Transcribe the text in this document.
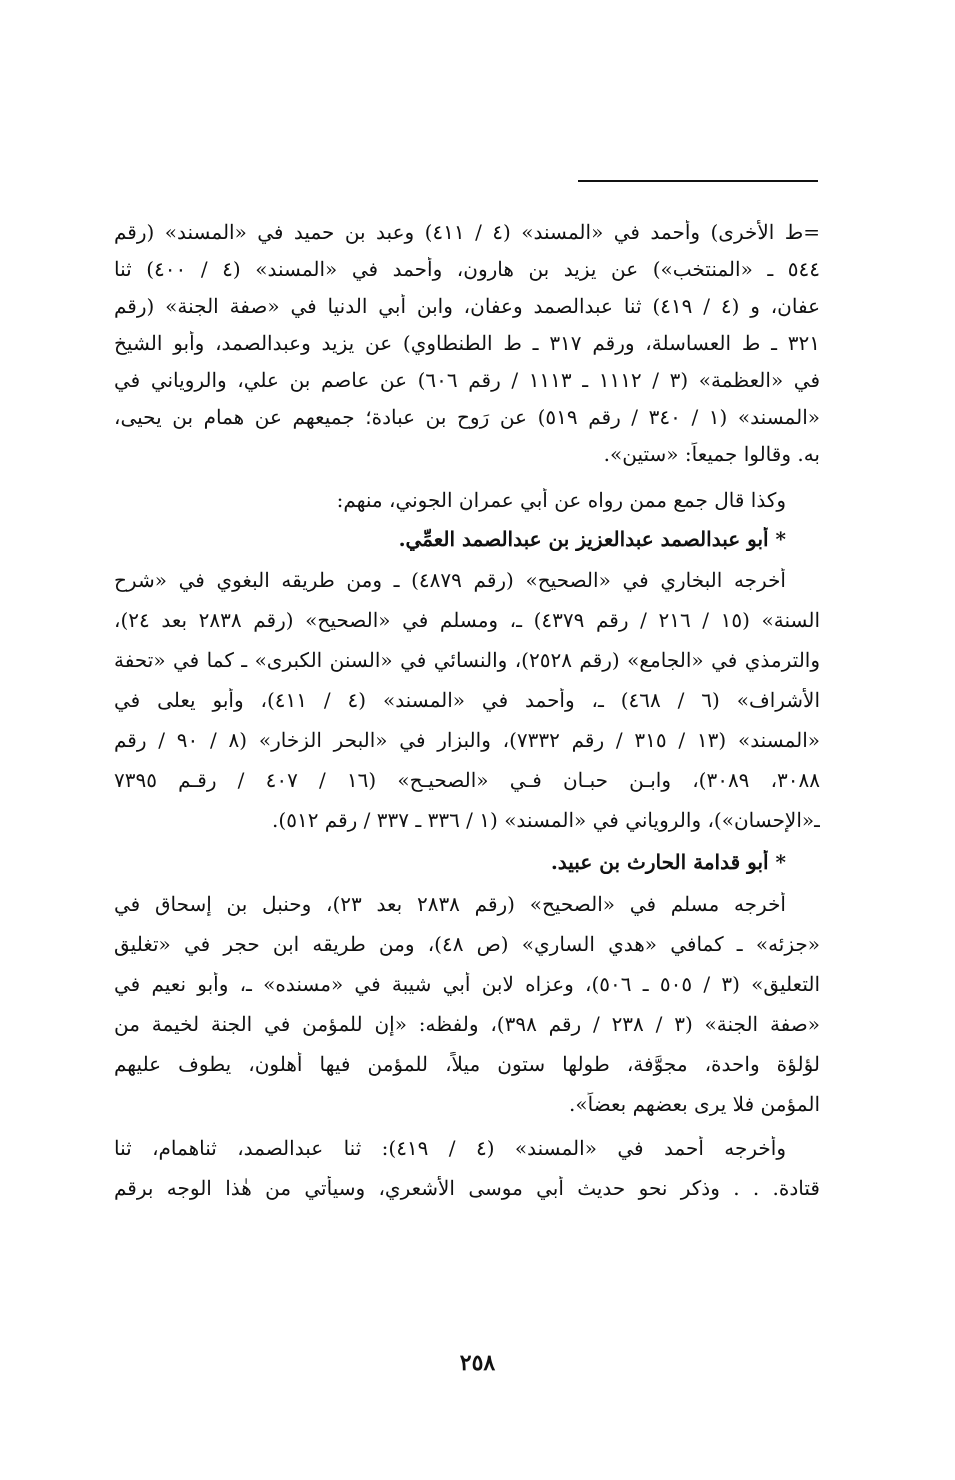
=ط الأخرى) وأحمد في «المسند» (٤ / ٤١١) وعبد بن حميد في «المسند» (رقم
٥٤٤ ـ «المنتخب») عن يزيد بن هارون، وأحمد في «المسند» (٤ / ٤٠٠) ثنا
عفان، و (٤ / ٤١٩) ثنا عبدالصمد وعفان، وابن أبي الدنيا في «صفة الجنة» (رقم
٣٢١ ـ ط العساسلة، ورقم ٣١٧ ـ ط الطنطاوي) عن يزيد وعبدالصمد، وأبو الشيخ
في «العظمة» (٣ / ١١١٢ ـ ١١١٣ / رقم ٦٠٦) عن عاصم بن علي، والروياني في
«المسند» (١ / ٣٤٠ / رقم ٥١٩) عن رَوح بن عبادة؛ جميعهم عن همام بن يحيى،
به. وقالوا جميعاً: «ستين».
وكذا قال جمع ممن رواه عن أبي عمران الجوني، منهم:
* أبو عبدالصمد عبدالعزيز بن عبدالصمد العمِّي.
أخرجه البخاري في «الصحيح» (رقم ٤٨٧٩) ـ ومن طريقه البغوي في «شرح
السنة» (١٥ / ٢١٦ / رقم ٤٣٧٩) ـ، ومسلم في «الصحيح» (رقم ٢٨٣٨ بعد ٢٤)،
والترمذي في «الجامع» (رقم ٢٥٢٨)، والنسائي في «السنن الكبرى» ـ كما في «تحفة
الأشراف» (٦ / ٤٦٨) ـ، وأحمد في «المسند» (٤ / ٤١١)، وأبو يعلى في
«المسند» (١٣ / ٣١٥ / رقم ٧٣٣٢)، والبزار في «البحر الزخار» (٨ / ٩٠ / رقم
٣٠٨٨، ٣٠٨٩)، وابـن حبـان فـي «الصحيـح» (١٦ / ٤٠٧ / رقـم ٧٣٩٥
ـ«الإحسان»)، والروياني في «المسند» (١ / ٣٣٦ ـ ٣٣٧ / رقم ٥١٢).
* أبو قدامة الحارث بن عبيد.
أخرجه مسلم في «الصحيح» (رقم ٢٨٣٨ بعد ٢٣)، وحنبل بن إسحاق في
«جزئه» ـ كمافي «هدي الساري» (ص ٤٨)، ومن طريقه ابن حجر في «تغليق
التعليق» (٣ / ٥٠٥ ـ ٥٠٦)، وعزاه لابن أبي شيبة في «مسنده» ـ، وأبو نعيم في
«صفة الجنة» (٣ / ٢٣٨ / رقم ٣٩٨)، ولفظه: «إن للمؤمن في الجنة لخيمة من
لؤلؤة واحدة، مجوَّفة، طولها ستون ميلاً، للمؤمن فيها أهلون، يطوف عليهم
المؤمن فلا يرى بعضهم بعضاً».
وأخرجه أحمد في «المسند» (٤ / ٤١٩): ثنا عبدالصمد، ثناهمام، ثنا
قتادة. . . وذكر نحو حديث أبي موسى الأشعري، وسيأتي من هٰذا الوجه برقم
٢٥٨
